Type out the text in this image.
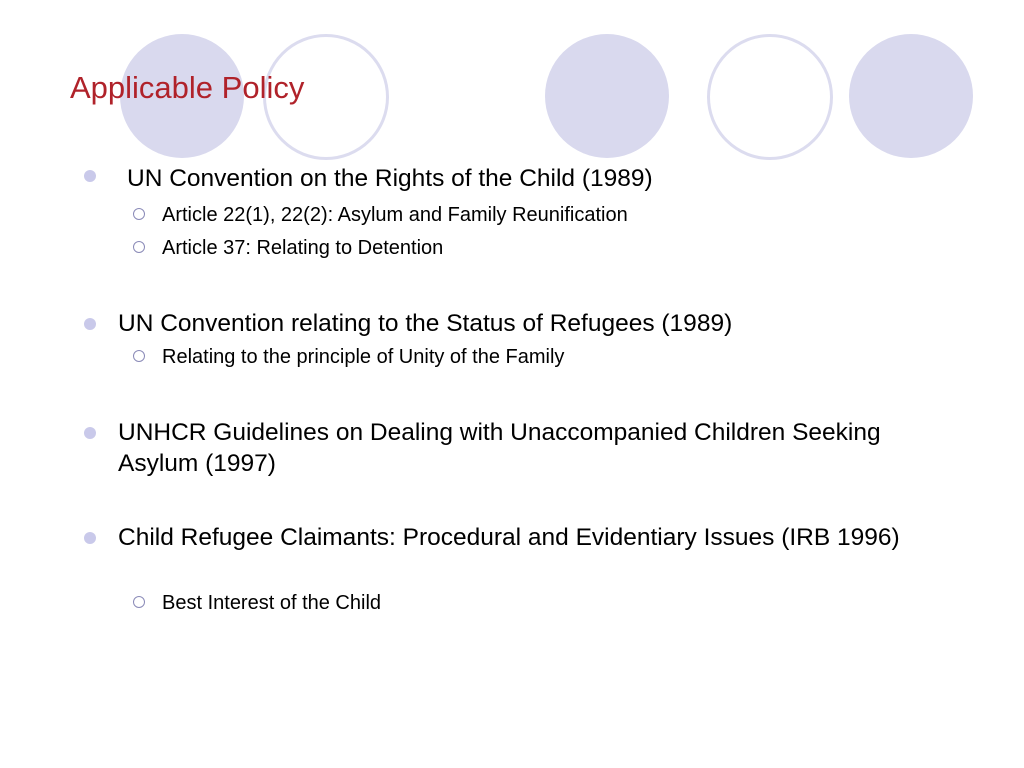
Applicable Policy
UN Convention on the Rights of the Child (1989)
Article 22(1), 22(2): Asylum and Family Reunification
Article 37: Relating to Detention
UN Convention relating to the Status of Refugees (1989)
Relating to the principle of Unity of the Family
UNHCR Guidelines on Dealing with Unaccompanied Children Seeking Asylum (1997)
Child Refugee Claimants: Procedural and Evidentiary Issues (IRB 1996)
Best Interest of the Child
